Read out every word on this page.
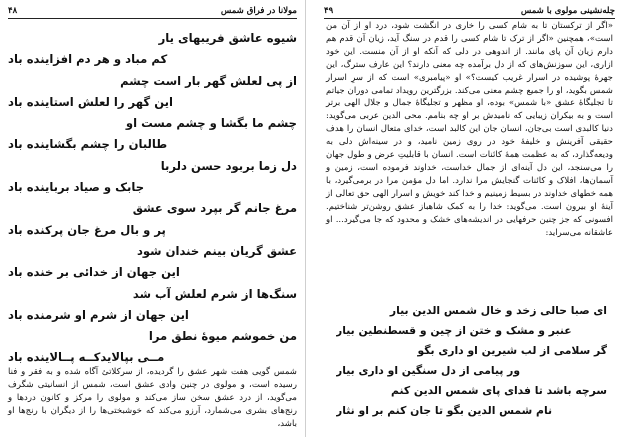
مولانا در فراق شمس
۴۸
شیوه عاشق فریبهای یار
کم مباد و هر دم افزاینده باد
از پی لعلش گهر بار است چشم
این گهر را لعلش استاینده باد
چشم ما بگشا و چشم مست او
طالبان را چشم بگشاینده باد
دل زما بربود حسن دلربا
جابک و صیاد برباینده باد
مرغ جانم گر بپرد سوی عشق
پر و بال مرغ جان پرکنده باد
عشق گریان بینم خندان شود
این جهان از خدائی بر خنده باد
سنگ‌ها از شرم لعلش آب شد
این جهان از شرم او شرمنده باد
من خموشم میوهٔ نطق مرا
مــی بپالایدکــه پــالاینده باد
شمس گویی هفت شهر عشق را گردیده، از سرکلاتئ آگاه شده و به فقر و فنا رسیده است، و مولوی در چنین وادی عشق است، شمس از انسانیتی شگرف می‌گوید، از درد عشق سخن ساز می‌کند و مولوی را مرکز و کانون دردها و رنج‌های بشری می‌شمارد، آرزو می‌کند که خوشبختی‌ها را از دیگران با رنج‌ها او باشد،
چله‌نشینی مولوی با شمس
۴۹
«اگر از ترکستان تا به شام کسی را خاری در انگشت شود، درد او از آن من است»، همچنین «اگر از ترک تا شام کسی را قدم در سنگ آید، زیان آن قدم هم دارم زیان آن پای مانند. از اندوهی در دلی که آنکه او از آن منست. این خود ازاری، این سوزنش‌های که از دل برآمده چه معنی دارند؟ این عارف سترگ، این جهرهٔ پوشیده در اسرار غریب کیست؟» او «پیامبری» است که از سرِ اسرار شمس بگوید، او را جمیع چشم معنی می‌کند. بزرگترین رویداد تمامی دوران جیاتم تا تجلیگاهٔ عشق «با شمس» بوده، او مظهر و تجلیگاهٔ جمال و جلال الهی برتر است و به بیکران زیبایی که نامیدش بر او چه بنامم. محی الدین عربی می‌گوید: دنیا کالبدی است بی‌جان، انسان جان این کالبد است، خدای متعال انسان را هدف حقیقی آفرینش و خلیفهٔ خود در روی زمین نامید، و در سینه‌اش دلی به ودیعه‌گذارد، که به عظمت همهٔ کائنات است. انسان با قابلیتِ عرض و طول جهان را می‌سنجد، این دل آینه‌ای از جمال خداست، خداوند فرموده است، زمین و آسمان‌ها، افلاک و کائنات گنجایش مرا ندارد. اما دل مؤمن مرا در برمی‌گیرد، با همه خطهای خداوند در بسیط زمینیم و خدا کند خویش و اسرار الهی حق تعالی از آینهٔ او بیرون است. می‌گوید: خدا را به کمک شاهباز عشق روشن‌تر شناختیم. افسونی که جز چنین حرفهایی در اندیشه‌های خشک و محدود که جا می‌گیرد... او عاشقانه می‌سراید:
ای صبا حالی زخد و خال شمس الدین بیار
عنبر و مشک و ختن از چین و قسطنطین بیار
گر سلامی از لب شیرین او داری بگو
ور پیامی از دل سنگین او داری بیار
سرچه باشد تا فدای پای شمس الدین کنم
نام شمس الدین بگو تا جان کنم بر او نثار
